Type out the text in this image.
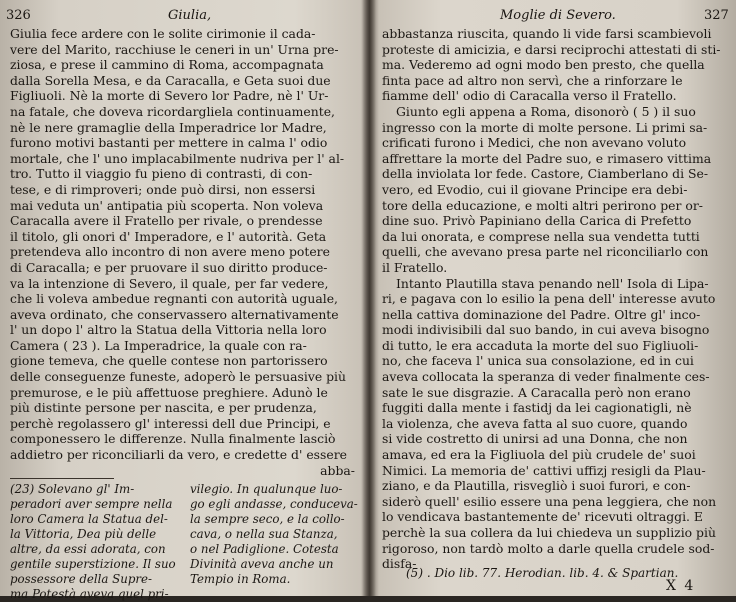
326	Giulia,
Giulia fece ardere con le solite cirimonie il cada-
vere del Marito, racchiuse le ceneri in un' Urna pre-
ziosa, e prese il cammino di Roma, accompagnata
dalla Sorella Mesa, e da Caracalla, e Geta suoi due
Figliuoli. Nè la morte di Severo lor Padre, nè l' Ur-
na fatale, che doveva ricordargliela continuamente,
nè le nere gramaglie della Imperadrice lor Madre,
furono motivi bastanti per mettere in calma l' odio
mortale, che l' uno implacabilmente nudriva per l' al-
tro. Tutto il viaggio fu pieno di contrasti, di con-
tese, e di rimproveri; onde può dirsi, non essersi
mai veduta un' antipatia più scoperta. Non voleva
Caracalla avere il Fratello per rivale, o prendesse
il titolo, gli onori d' Imperadore, e l' autorità. Geta
pretendeva allo incontro di non avere meno potere
di Caracalla; e per pruovare il suo diritto produce-
va la intenzione di Severo, il quale, per far vedere,
che li voleva ambedue regnanti con autorità uguale,
aveva ordinato, che conservassero alternativamente
l' un dopo l' altro la Statua della Vittoria nella loro
Camera ( 23 ). La Imperadrice, la quale con ra-
gione temeva, che quelle contese non partorissero
delle conseguenze funeste, adoperò le persuasive più
premurose, e le più affettuose preghiere. Adunò le
più distinte persone per nascita, e per prudenza,
perchè regolassero gl' interessi dell due Principi, e
componessero le differenze. Nulla finalmente lasciò
addietro per riconciliarli da vero, e credette d' essere
abba-
(23) Solevano gl' Im-
peradori aver sempre nella
loro Camera la Statua del-
la Vittoria, Dea più delle
altre, da essi adorata, con
gentile superstizione. Il suo
possessore della Supre-
ma Potestà aveva quel pri-
vilegio. In qualunque luo-
go egli andasse, conduceva-
la sempre seco, e la collo-
cava, o nella sua Stanza,
o nel Padiglione. Cotesta
Divinità aveva anche un
Tempio in Roma.
Moglie di Severo.	327
abbastanza riuscita, quando li vide farsi scambievoli
proteste di amicizia, e darsi reciprochi attestati di sti-
ma. Vederemo ad ogni modo ben presto, che quella
finta pace ad altro non servì, che a rinforzare le
fiamme dell' odio di Caracalla verso il Fratello.
Giunto egli appena a Roma, disonorò ( 5 ) il suo
ingresso con la morte di molte persone. Li primi sa-
crificati furono i Medici, che non avevano voluto
affrettare la morte del Padre suo, e rimasero vittima
della inviolata lor fede. Castore, Ciamberlano di Se-
vero, ed Evodio, cui il giovane Principe era debi-
tore della educazione, e molti altri perirono per or-
dine suo. Privò Papiniano della Carica di Prefetto
da lui onorata, e comprese nella sua vendetta tutti
quelli, che avevano presa parte nel riconciliarlo con
il Fratello.
Intanto Plautilla stava penando nell' Isola di Lipa-
ri, e pagava con lo esilio la pena dell' interesse avuto
nella cattiva dominazione del Padre. Oltre gl' inco-
modi indivisibili dal suo bando, in cui aveva bisogno
di tutto, le era accaduta la morte del suo Figliuoli-
no, che faceva l' unica sua consolazione, ed in cui
aveva collocata la speranza di veder finalmente ces-
sate le sue disgrazie. A Caracalla però non erano
fuggiti dalla mente i fastidj da lei cagionatigli, nè
la violenza, che aveva fatta al suo cuore, quando
si vide costretto di unirsi ad una Donna, che non
amava, ed era la Figliuola del più crudele de' suoi
Nimici. La memoria de' cattivi uffizj resigli da Plau-
ziano, e da Plautilla, risvegliò i suoi furori, e con-
siderò quell' esilio essere una pena leggiera, che non
lo vendicava bastantemente de' ricevuti oltraggi. E
perchè la sua collera da lui chiedeva un supplizio più
rigoroso, non tardò molto a darle quella crudele sod-
disfa-
(5) . Dio lib. 77. Herodian. lib. 4. & Spartian.
X 4
